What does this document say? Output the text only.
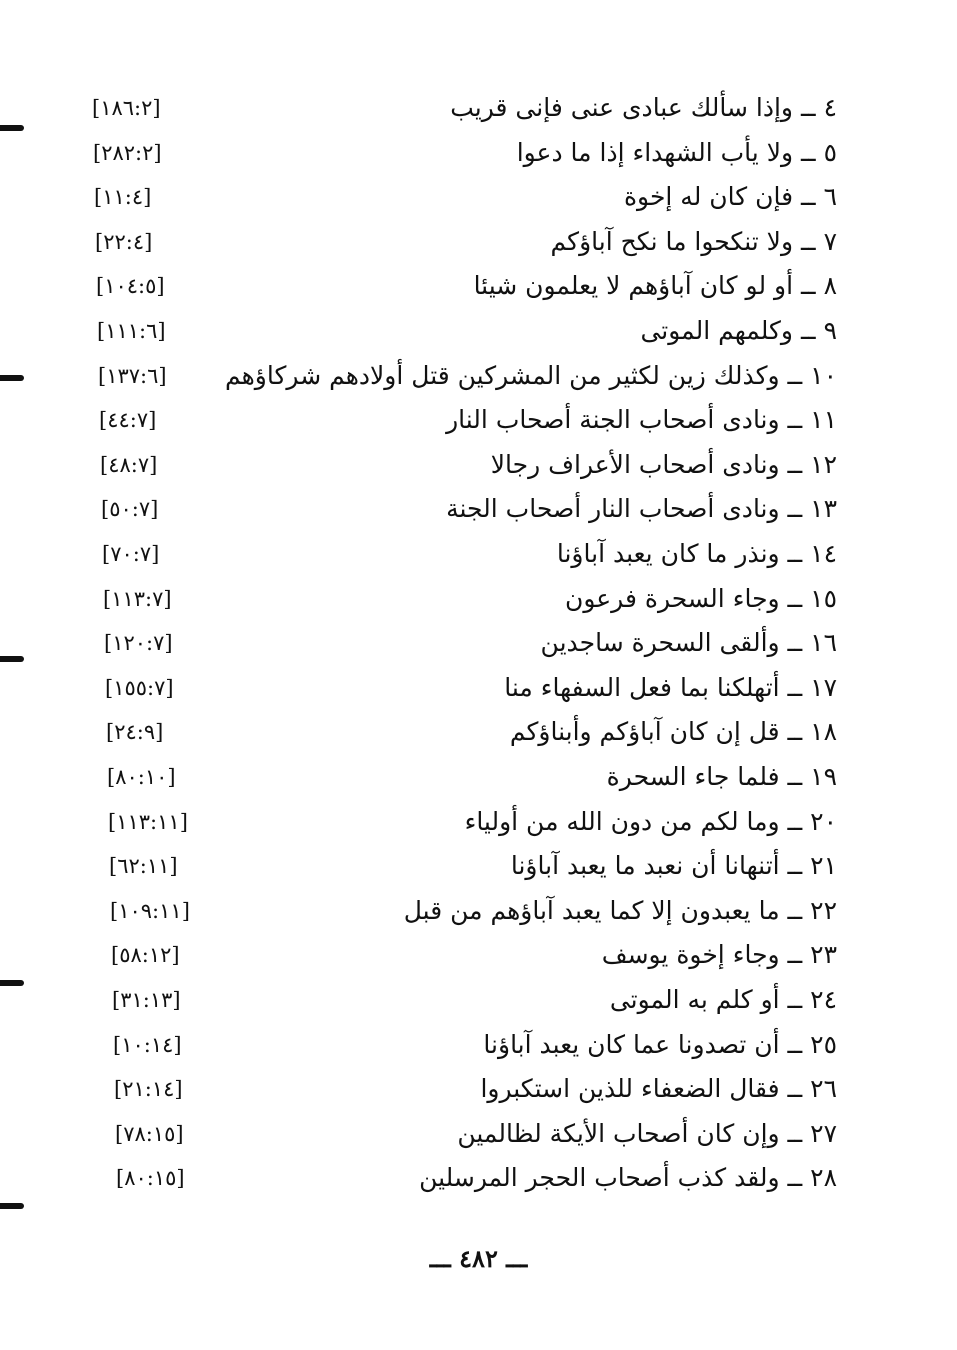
٤ ــ وإذا سألك عبادى عنى فإنى قريب
[١٨٦:٢]
٥ ــ ولا يأب الشهداء إذا ما دعوا
[٢٨٢:٢]
٦ ــ فإن كان له إخوة
[١١:٤]
٧ ــ ولا تنكحوا ما نكح آباؤكم
[٢٢:٤]
٨ ــ أو لو كان آباؤهم لا يعلمون شيئا
[١٠٤:٥]
٩ ــ وكلمهم الموتى
[١١١:٦]
١٠ ــ وكذلك زين لكثير من المشركين قتل أولادهم شركاؤهم
[١٣٧:٦]
١١ ــ ونادى أصحاب الجنة أصحاب النار
[٤٤:٧]
١٢ ــ ونادى أصحاب الأعراف رجالا
[٤٨:٧]
١٣ ــ ونادى أصحاب النار أصحاب الجنة
[٥٠:٧]
١٤ ــ ونذر ما كان يعبد آباؤنا
[٧٠:٧]
١٥ ــ وجاء السحرة فرعون
[١١٣:٧]
١٦ ــ وألقى السحرة ساجدين
[١٢٠:٧]
١٧ ــ أتهلكنا بما فعل السفهاء منا
[١٥٥:٧]
١٨ ــ قل إن كان آباؤكم وأبناؤكم
[٢٤:٩]
١٩ ــ فلما جاء السحرة
[٨٠:١٠]
٢٠ ــ وما لكم من دون الله من أولياء
[١١٣:١١]
٢١ ــ أتنهانا أن نعبد ما يعبد آباؤنا
[٦٢:١١]
٢٢ ــ ما يعبدون إلا كما يعبد آباؤهم من قبل
[١٠٩:١١]
٢٣ ــ وجاء إخوة يوسف
[٥٨:١٢]
٢٤ ــ أو كلم به الموتى
[٣١:١٣]
٢٥ ــ أن تصدونا عما كان يعبد آباؤنا
[١٠:١٤]
٢٦ ــ فقال الضعفاء للذين استكبروا
[٢١:١٤]
٢٧ ــ وإن كان أصحاب الأيكة لظالمين
[٧٨:١٥]
٢٨ ــ ولقد كذب أصحاب الحجر المرسلين
[٨٠:١٥]
ـــ ٤٨٢ ـــ
